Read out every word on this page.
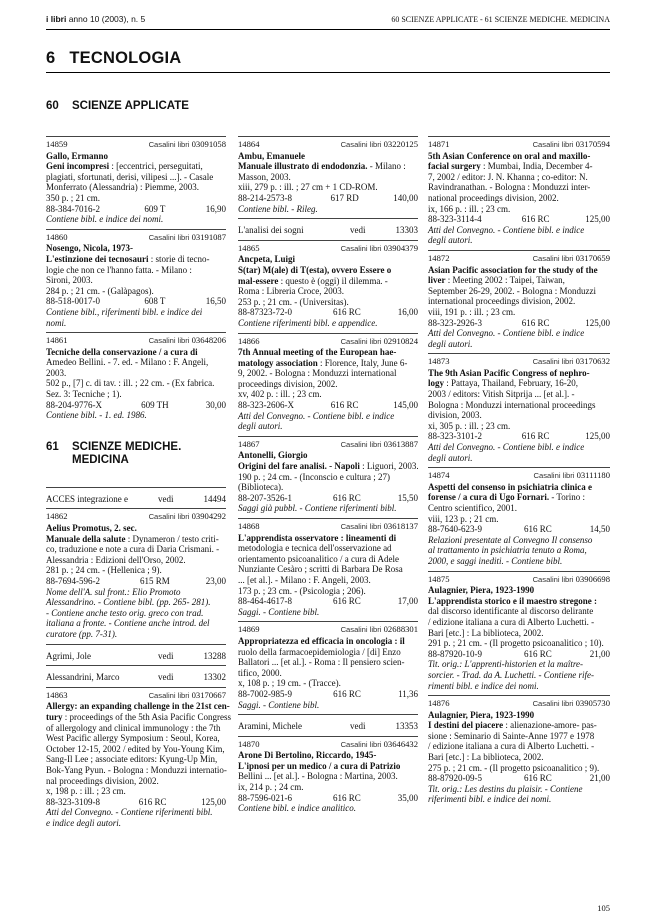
i libri anno 10 (2003), n. 5	60 SCIENZE APPLICATE - 61 SCIENZE MEDICHE. MEDICINA
6 TECNOLOGIA
60 SCIENZE APPLICATE
14859	Casalini libri 03091058
Gallo, Ermanno
Geni incompresi : [eccentrici, perseguitati,
plagiati, sfortunati, derisi, vilipesi ...]. - Casale
Monferrato (Alessandria) : Piemme, 2003.
350 p. ; 21 cm.
88-384-7016-2	609 T	16,90
Contiene bibl. e indice dei nomi.
14860	Casalini libri 03191087
Nosengo, Nicola, 1973-
L'estinzione dei tecnosauri : storie di tecno-
logie che non ce l'hanno fatta. - Milano :
Sironi, 2003.
284 p. ; 21 cm. - (Galàpagos).
88-518-0017-0	608 T	16,50
Contiene bibl., riferimenti bibl. e indice dei
nomi.
14861	Casalini libri 03648206
Tecniche della conservazione / a cura di
Amedeo Bellini. - 7. ed. - Milano : F. Angeli,
2003.
502 p., [7] c. di tav. : ill. ; 22 cm. - (Ex fabrica.
Sez. 3: Tecniche ; 1).
88-204-9776-X	609 TH	30,00
Contiene bibl. - 1. ed. 1986.
61 SCIENZE MEDICHE.
MEDICINA
ACCES integrazione e	vedi	14494
14862	Casalini libri 03904292
Aelius Promotus, 2. sec.
Manuale della salute : Dynameron / testo criti-
co, traduzione e note a cura di Daria Crismani. -
Alessandria : Edizioni dell'Orso, 2002.
281 p. ; 24 cm. - (Hellenica ; 9).
88-7694-596-2	615 RM	23,00
Nome dell'A. sul front.: Elio Promoto
Alessandrino. - Contiene bibl. (pp. 265- 281).
- Contiene anche testo orig. greco con trad.
italiana a fronte. - Contiene anche introd. del
curatore (pp. 7-31).
Agrimi, Jole	vedi	13288
Alessandrini, Marco	vedi	13302
14863	Casalini libri 03170667
Allergy: an expanding challenge in the 21st cen-
tury : proceedings of the 5th Asia Pacific Congress
of allergology and clinical immunology : the 7th
West Pacific allergy Symposium : Seoul, Korea,
October 12-15, 2002 / edited by You-Young Kim,
Sang-Il Lee ; associate editors: Kyung-Up Min,
Bok-Yang Pyun. - Bologna : Monduzzi internatio-
nal proceedings division, 2002.
x, 198 p. : ill. ; 23 cm.
88-323-3109-8	616 RC	125,00
Atti del Convegno. - Contiene riferimenti bibl.
e indice degli autori.
14864	Casalini libri 03220125
Ambu, Emanuele
Manuale illustrato di endodonzia. - Milano :
Masson, 2003.
xiii, 279 p. : ill. ; 27 cm + 1 CD-ROM.
88-214-2573-8	617 RD	140,00
Contiene bibl. - Rileg.
L'analisi dei sogni	vedi	13303
14865	Casalini libri 03904379
Ancpeta, Luigi
S(tar) M(ale) di T(esta), ovvero Essere o
mal-essere : questo è (oggi) il dilemma. -
Roma : Libreria Croce, 2003.
253 p. ; 21 cm. - (Universitas).
88-87323-72-0	616 RC	16,00
Contiene riferimenti bibl. e appendice.
14866	Casalini libri 02910824
7th Annual meeting of the European hae-
matology association : Florence, Italy, June 6-
9, 2002. - Bologna : Monduzzi international
proceedings division, 2002.
xv, 402 p. : ill. ; 23 cm.
88-323-2606-X	616 RC	145,00
Atti del Convegno. - Contiene bibl. e indice
degli autori.
14867	Casalini libri 03613887
Antonelli, Giorgio
Origini del fare analisi. - Napoli : Liguori, 2003.
190 p. ; 24 cm. - (Inconscio e cultura ; 27)
(Biblioteca).
88-207-3526-1	616 RC	15,50
Saggi già pubbl. - Contiene riferimenti bibl.
14868	Casalini libri 03618137
L'apprendista osservatore : lineamenti di
metodologia e tecnica dell'osservazione ad
orientamento psicoanalitico / a cura di Adele
Nunziante Cesàro ; scritti di Barbara De Rosa
... [et al.]. - Milano : F. Angeli, 2003.
173 p. ; 23 cm. - (Psicologia ; 206).
88-464-4617-8	616 RC	17,00
Saggi. - Contiene bibl.
14869	Casalini libri 02688301
Appropriatezza ed efficacia in oncologia : il
ruolo della farmacoepidemiologia / [di] Enzo
Ballatori ... [et al.]. - Roma : Il pensiero scien-
tifico, 2000.
x, 108 p. ; 19 cm. - (Tracce).
88-7002-985-9	616 RC	11,36
Saggi. - Contiene bibl.
Aramini, Michele	vedi	13353
14870	Casalini libri 03646432
Arone Di Bertolino, Riccardo, 1945-
L'ipnosi per un medico / a cura di Patrizio
Bellini ... [et al.]. - Bologna : Martina, 2003.
ix, 214 p. ; 24 cm.
88-7596-021-6	616 RC	35,00
Contiene bibl. e indice analitico.
14871	Casalini libri 03170594
5th Asian Conference on oral and maxillo-
facial surgery : Mumbai, India, December 4-
7, 2002 / editor: J. N. Khanna ; co-editor: N.
Ravindranathan. - Bologna : Monduzzi inter-
national proceedings division, 2002.
ix, 166 p. : ill. ; 23 cm.
88-323-3114-4	616 RC	125,00
Atti del Convegno. - Contiene bibl. e indice
degli autori.
14872	Casalini libri 03170659
Asian Pacific association for the study of the
liver : Meeting 2002 : Taipei, Taiwan,
September 26-29, 2002. - Bologna : Monduzzi
international proceedings division, 2002.
viii, 191 p. : ill. ; 23 cm.
88-323-2926-3	616 RC	125,00
Atti del Convegno. - Contiene bibl. e indice
degli autori.
14873	Casalini libri 03170632
The 9th Asian Pacific Congress of nephro-
logy : Pattaya, Thailand, February, 16-20,
2003 / editors: Vitish Sitprija ... [et al.]. -
Bologna : Monduzzi international proceedings
division, 2003.
xi, 305 p. : ill. ; 23 cm.
88-323-3101-2	616 RC	125,00
Atti del Convegno. - Contiene bibl. e indice
degli autori.
14874	Casalini libri 03111180
Aspetti del consenso in psichiatria clinica e
forense / a cura di Ugo Fornari. - Torino :
Centro scientifico, 2001.
viii, 123 p. ; 21 cm.
88-7640-623-9	616 RC	14,50
Relazioni presentate al Convegno Il consenso
al trattamento in psichiatria tenuto a Roma,
2000, e saggi inediti. - Contiene bibl.
14875	Casalini libri 03906698
Aulagnier, Piera, 1923-1990
L'apprendista storico e il maestro stregone :
dal discorso identificante al discorso delirante
/ edizione italiana a cura di Alberto Luchetti. -
Bari [etc.] : La biblioteca, 2002.
291 p. ; 21 cm. - (Il progetto psicoanalitico ; 10).
88-87920-10-9	616 RC	21,00
Tit. orig.: L'apprenti-historien et la maître-
sorcier. - Trad. da A. Luchetti. - Contiene rife-
rimenti bibl. e indice dei nomi.
14876	Casalini libri 03905730
Aulagnier, Piera, 1923-1990
I destini del piacere : alienazione-amore- pas-
sione : Seminario di Sainte-Anne 1977 e 1978
/ edizione italiana a cura di Alberto Luchetti. -
Bari [etc.] : La biblioteca, 2002.
275 p. ; 21 cm. - (Il progetto psicoanalitico ; 9).
88-87920-09-5	616 RC	21,00
Tit. orig.: Les destins du plaisir. - Contiene
riferimenti bibl. e indice dei nomi.
105
